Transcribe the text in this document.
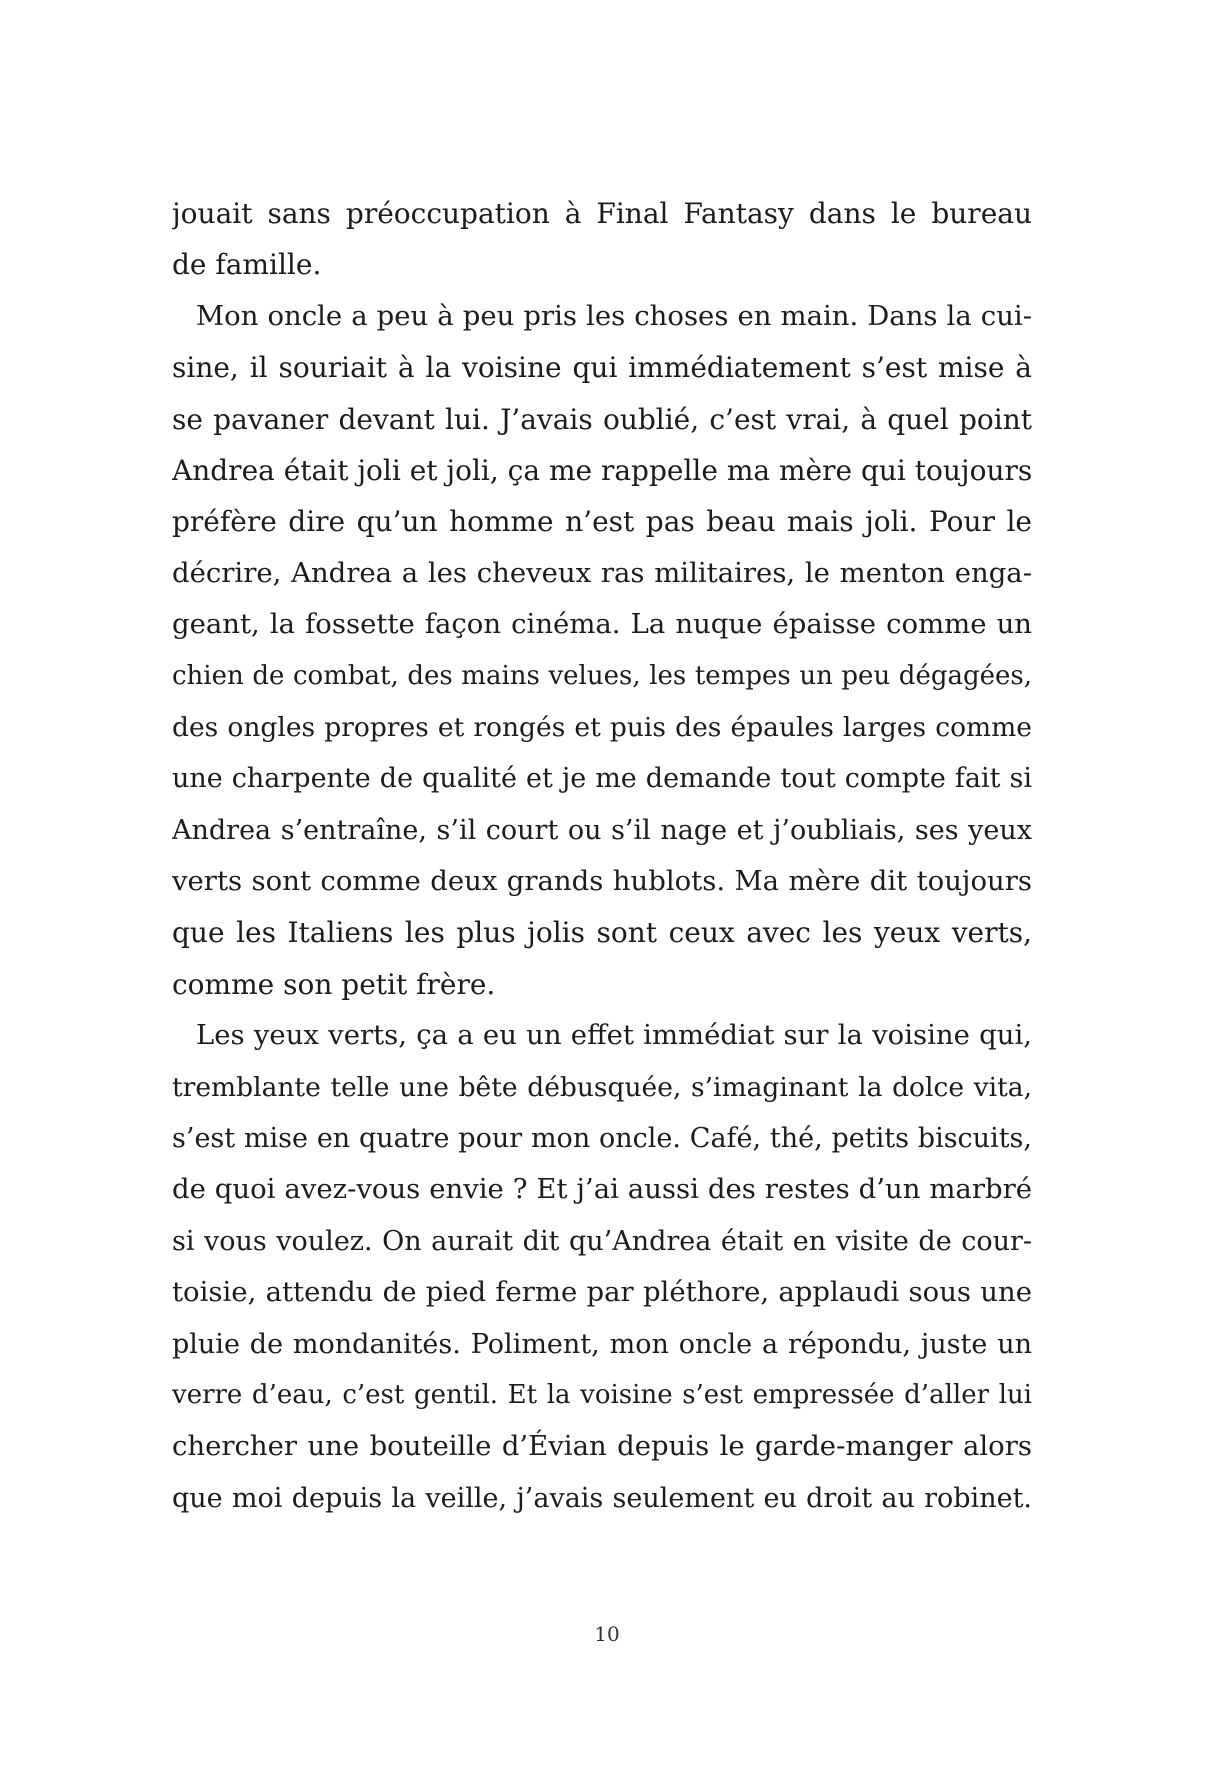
jouait sans préoccupation à Final Fantasy dans le bureau
de famille.
Mon oncle a peu à peu pris les choses en main. Dans la cui-
sine, il souriait à la voisine qui immédiatement s’est mise à
se pavaner devant lui. J’avais oublié, c’est vrai, à quel point
Andrea était joli et joli, ça me rappelle ma mère qui toujours
préfère dire qu’un homme n’est pas beau mais joli. Pour le
décrire, Andrea a les cheveux ras militaires, le menton enga-
geant, la fossette façon cinéma. La nuque épaisse comme un
chien de combat, des mains velues, les tempes un peu dégagées,
des ongles propres et rongés et puis des épaules larges comme
une charpente de qualité et je me demande tout compte fait si
Andrea s’entraîne, s’il court ou s’il nage et j’oubliais, ses yeux
verts sont comme deux grands hublots. Ma mère dit toujours
que les Italiens les plus jolis sont ceux avec les yeux verts,
comme son petit frère.
Les yeux verts, ça a eu un effet immédiat sur la voisine qui,
tremblante telle une bête débusquée, s’imaginant la dolce vita,
s’est mise en quatre pour mon oncle. Café, thé, petits biscuits,
de quoi avez-vous envie ? Et j’ai aussi des restes d’un marbré
si vous voulez. On aurait dit qu’Andrea était en visite de cour-
toisie, attendu de pied ferme par pléthore, applaudi sous une
pluie de mondanités. Poliment, mon oncle a répondu, juste un
verre d’eau, c’est gentil. Et la voisine s’est empressée d’aller lui
chercher une bouteille d’Évian depuis le garde-manger alors
que moi depuis la veille, j’avais seulement eu droit au robinet.
10
